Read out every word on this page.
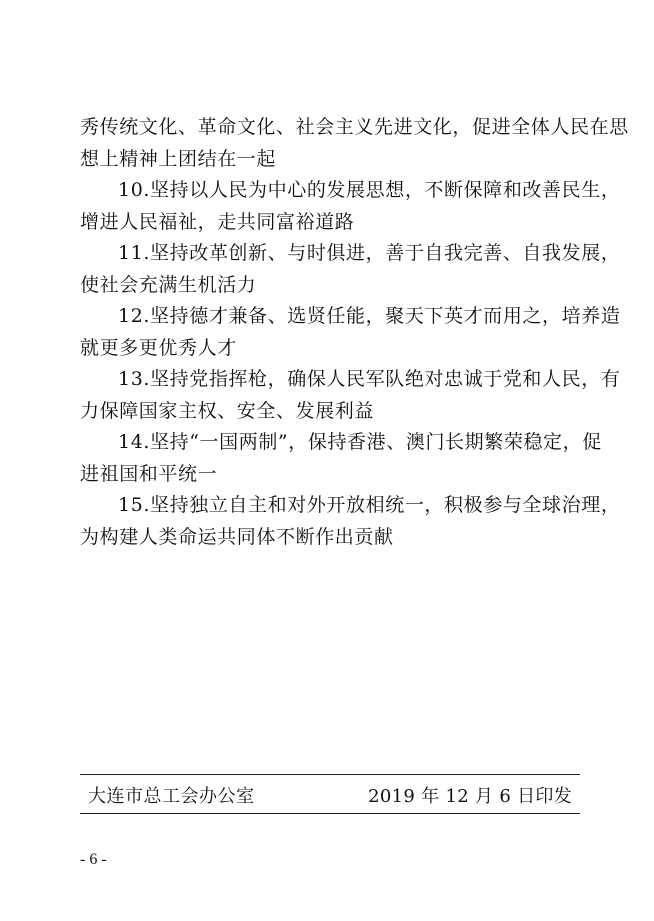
秀传统文化、革命文化、社会主义先进文化，促进全体人民在思
想上精神上团结在一起

10.坚持以人民为中心的发展思想，不断保障和改善民生，
增进人民福祉，走共同富裕道路

11.坚持改革创新、与时俱进，善于自我完善、自我发展，
使社会充满生机活力

12.坚持德才兼备、选贤任能，聚天下英才而用之，培养造
就更多更优秀人才

13.坚持党指挥枪，确保人民军队绝对忠诚于党和人民，有
力保障国家主权、安全、发展利益

14.坚持“一国两制”，保持香港、澳门长期繁荣稳定，促
进祖国和平统一

15.坚持独立自主和对外开放相统一，积极参与全球治理，
为构建人类命运共同体不断作出贡献

大连市总工会办公室	2019 年 12 月 6 日印发
- 6 -
